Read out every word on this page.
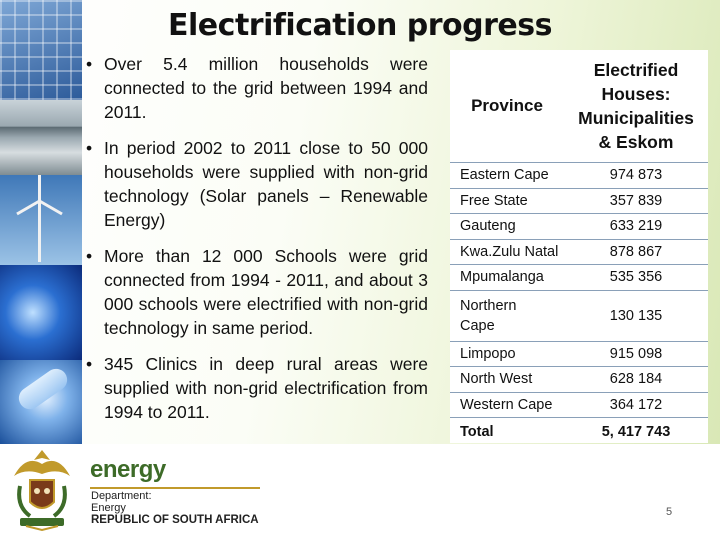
Electrification progress
• Over 5.4 million households were connected to the grid between 1994 and 2011.
• In period 2002 to 2011 close to 50 000 households were supplied with non-grid technology (Solar panels – Renewable Energy)
• More than 12 000 Schools were grid connected from 1994 - 2011, and about 3 000 schools were electrified with non-grid technology in same period.
• 345 Clinics in deep rural areas were supplied with non-grid electrification from 1994 to 2011.
Province	Electrified
Houses:
Municipalities
& Eskom

Eastern Cape	974 873
Free State	357 839
Gauteng	633 219
Kwa.Zulu Natal	878 867
Mpumalanga	535 356

Northern
Cape	130 135
Limpopo	915 098
North West	628 184
Western Cape	364 172
Total	5, 417 743
energy
Department:
Energy
REPUBLIC OF SOUTH AFRICA
5
